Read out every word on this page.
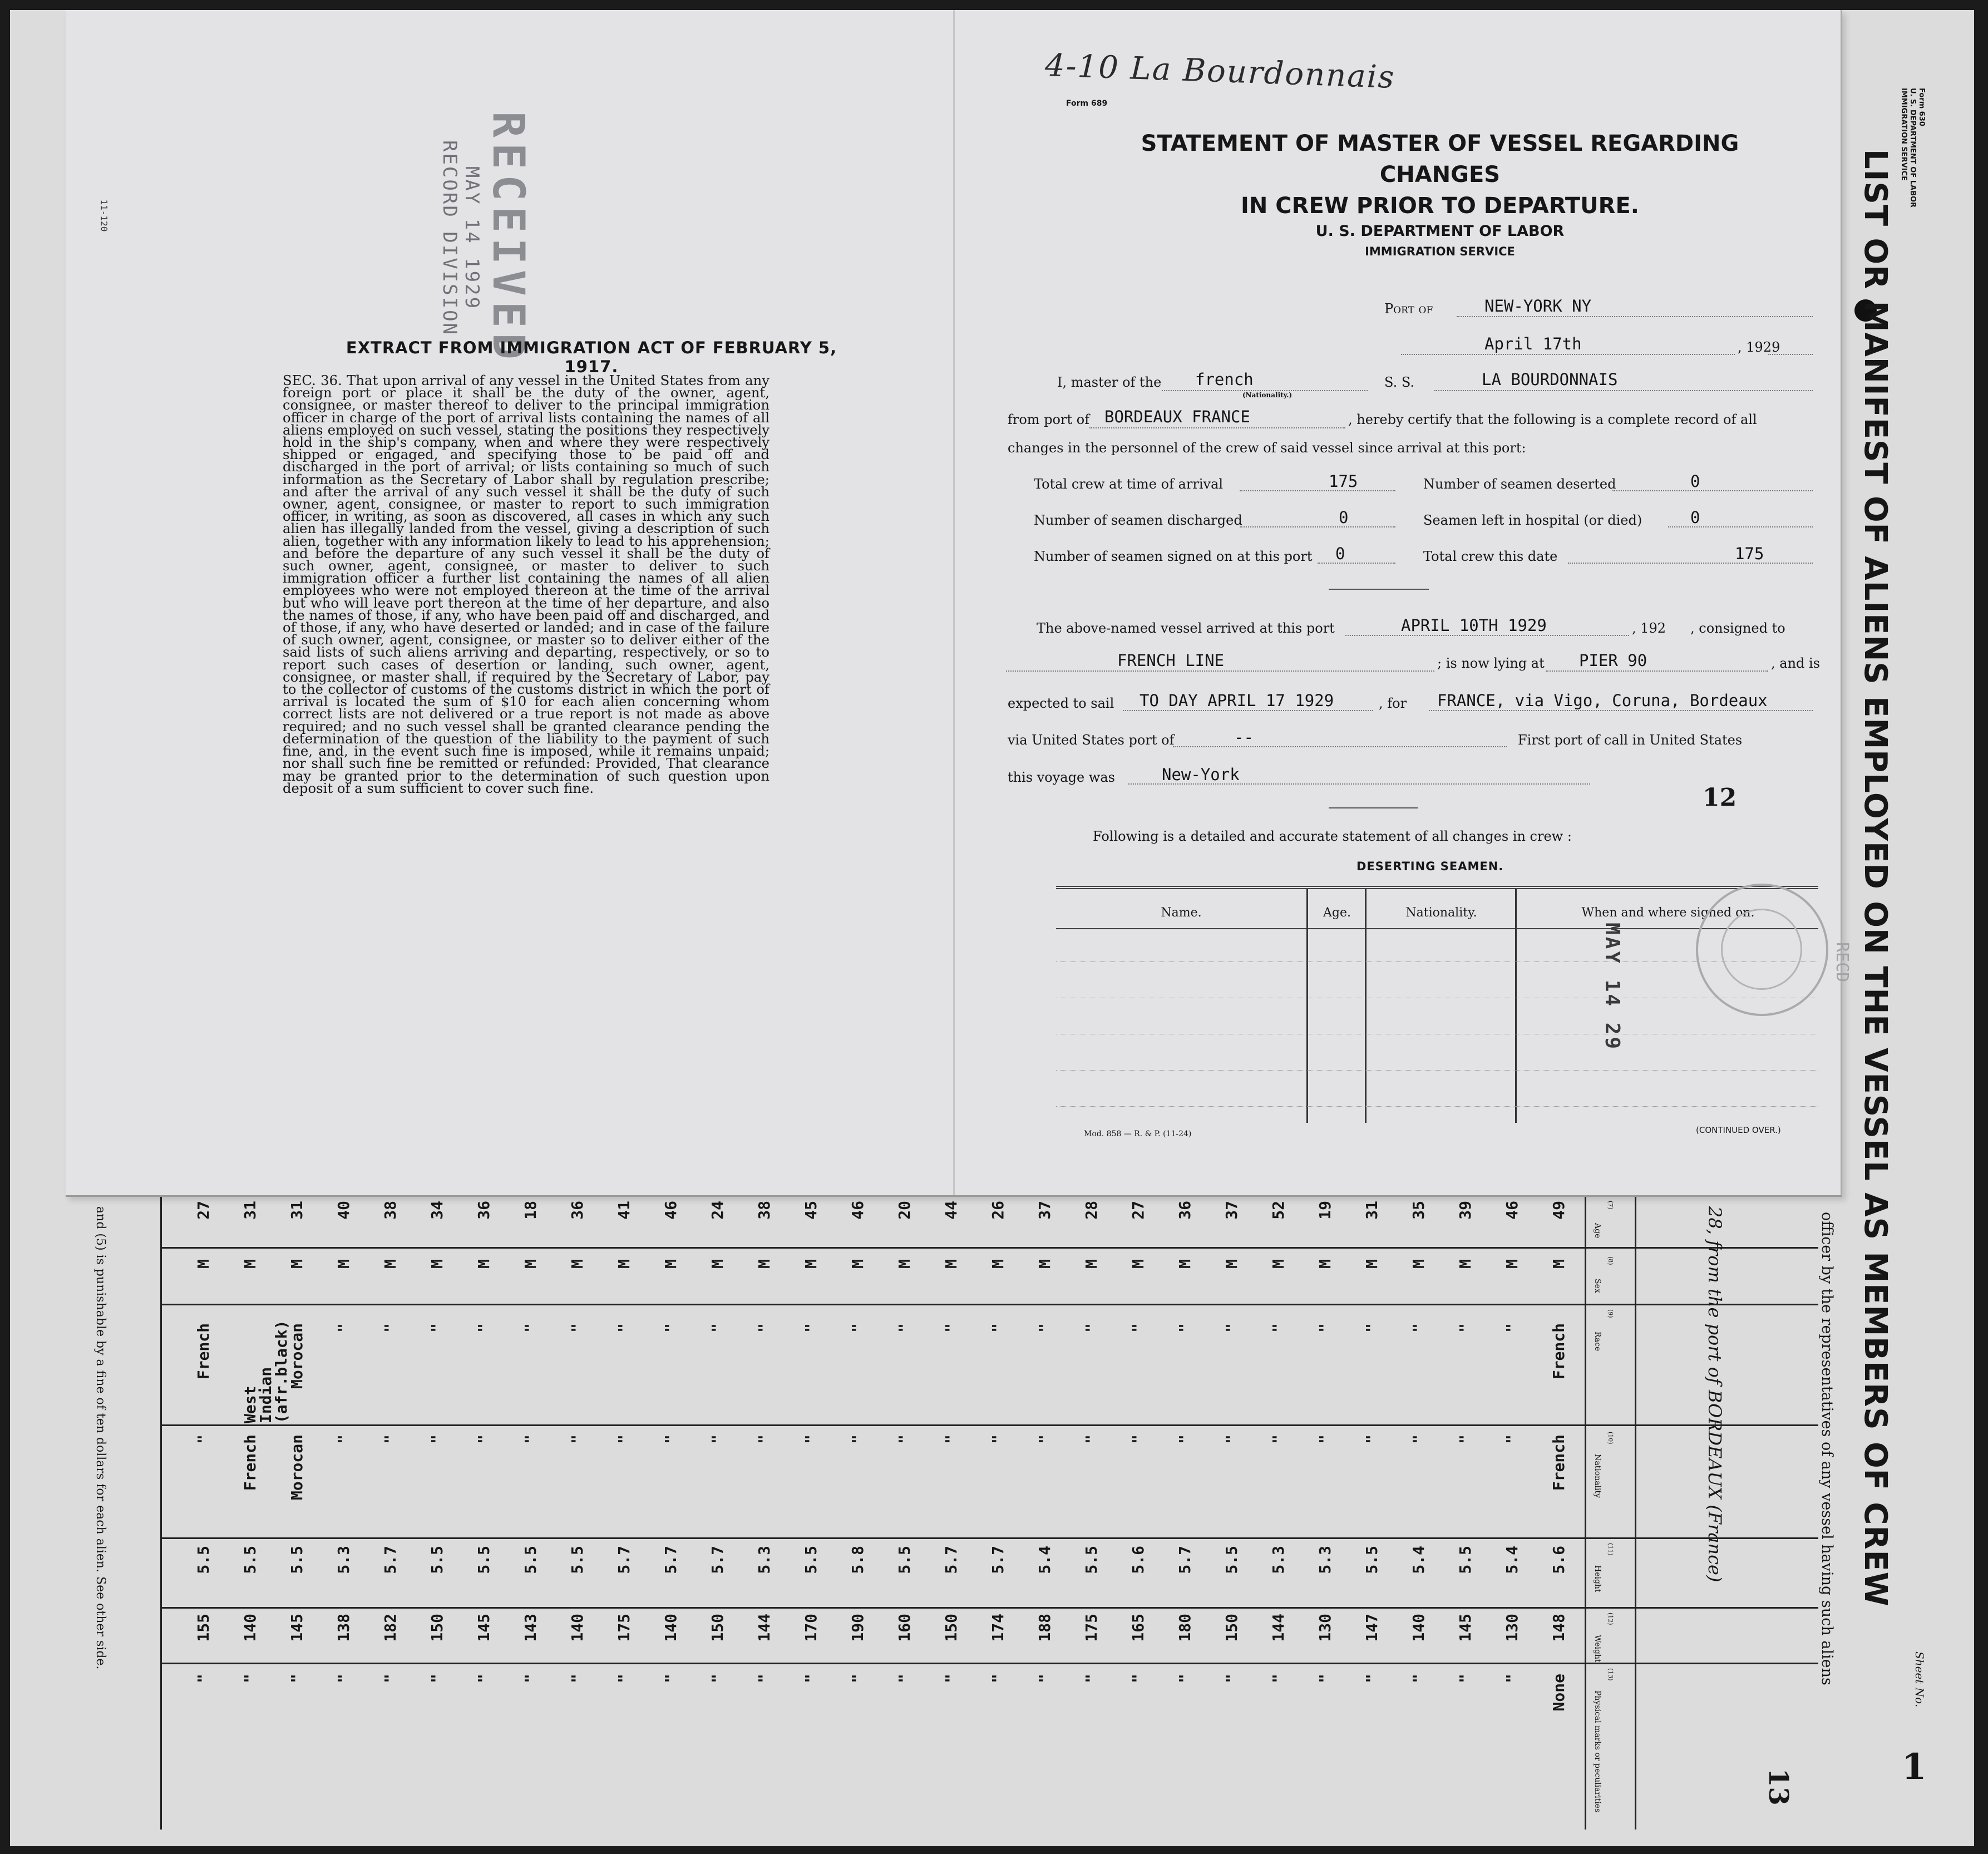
Form 630
U. S. DEPARTMENT OF LABOR
IMMIGRATION SERVICE
LIST OR MANIFEST OF ALIENS EMPLOYED ON THE VESSEL AS MEMBERS OF CREW
officer by the representatives of any vessel having such aliens
28, from the port of BORDEAUX (France)
Sheet No.
1
13
and (5) is punishable by a fine of ten dollars for each alien. See other side.
(7)
Age
(8)
Sex
(9)
Race
(10)
Nationality
(11)
Height
(12)
Weight
(13)
Physical marks or peculiarities
49
M
French
French
5.6
148
None
46
M
"
"
5.4
130
"
39
M
"
"
5.5
145
"
35
M
"
"
5.4
140
"
31
M
"
"
5.5
147
"
19
M
"
"
5.3
130
"
52
M
"
"
5.3
144
"
37
M
"
"
5.5
150
"
36
M
"
"
5.7
180
"
27
M
"
"
5.6
165
"
28
M
"
"
5.5
175
"
37
M
"
"
5.4
188
"
26
M
"
"
5.7
174
"
44
M
"
"
5.7
150
"
20
M
"
"
5.5
160
"
46
M
"
"
5.8
190
"
45
M
"
"
5.5
170
"
38
M
"
"
5.3
144
"
24
M
"
"
5.7
150
"
46
M
"
"
5.7
140
"
41
M
"
"
5.7
175
"
36
M
"
"
5.5
140
"
18
M
"
"
5.5
143
"
36
M
"
"
5.5
145
"
34
M
"
"
5.5
150
"
38
M
"
"
5.7
182
"
40
M
"
"
5.3
138
"
31
M
Morocan
Morocan
5.5
145
"
31
M
West Indian (afr.black)
French
5.5
140
"
27
M
French
"
5.5
155
"
11-120	RECEIVED
MAY 14 1929
RECORD DIVISION
EXTRACT FROM IMMIGRATION ACT OF FEBRUARY 5, 1917.
SEC. 36. That upon arrival of any vessel in the United States from any foreign port or place it shall be the duty of the owner, agent, consignee, or master thereof to deliver to the principal immigration officer in charge of the port of arrival lists containing the names of all aliens employed on such vessel, stating the positions they respectively hold in the ship's company, when and where they were respectively shipped or engaged, and specifying those to be paid off and discharged in the port of arrival; or lists containing so much of such information as the Secretary of Labor shall by regulation prescribe; and after the arrival of any such vessel it shall be the duty of such owner, agent, consignee, or master to report to such immigration officer, in writing, as soon as discovered, all cases in which any such alien has illegally landed from the vessel, giving a description of such alien, together with any information likely to lead to his apprehension; and before the departure of any such vessel it shall be the duty of such owner, agent, consignee, or master to deliver to such immigration officer a further list containing the names of all alien employees who were not employed thereon at the time of the arrival but who will leave port thereon at the time of her departure, and also the names of those, if any, who have been paid off and discharged, and of those, if any, who have deserted or landed; and in case of the failure of such owner, agent, consignee, or master so to deliver either of the said lists of such aliens arriving and departing, respectively, or so to report such cases of desertion or landing, such owner, agent, consignee, or master shall, if required by the Secretary of Labor, pay to the collector of customs of the customs district in which the port of arrival is located the sum of $10 for each alien concerning whom correct lists are not delivered or a true report is not made as above required; and no such vessel shall be granted clearance pending the determination of the question of the liability to the payment of such fine, and, in the event such fine is imposed, while it remains unpaid; nor shall such fine be remitted or refunded: Provided, That clearance may be granted prior to the determination of such question upon deposit of a sum sufficient to cover such fine.
4-10 La Bourdonnais
Form 689
STATEMENT OF MASTER OF VESSEL REGARDING CHANGES
IN CREW PRIOR TO DEPARTURE.
U. S. DEPARTMENT OF LABOR
IMMIGRATION SERVICE
Port of	NEW-YORK NY
April 17th	, 1929
I, master of the french
(Nationality.)
S. S.	LA BOURDONNAIS
from port of BORDEAUX FRANCE	, hereby certify that the following is a complete record of all
changes in the personnel of the crew of said vessel since arrival at this port:
Total crew at time of arrival	175	Number of seamen deserted	0
Number of seamen discharged	0	Seamen left in hospital (or died)	0
Number of seamen signed on at this port 0	Total crew this date	175
The above-named vessel arrived at this port	APRIL 10TH 1929	, 192 , consigned to
FRENCH LINE	; is now lying at PIER 90	, and is
expected to sail TO DAY APRIL 17 1929	, for FRANCE, via Vigo, Coruna, Bordeaux
via United States port of	--	First port of call in United States
this voyage was	New-York
12
Following is a detailed and accurate statement of all changes in crew :
DESERTING SEAMEN.
Name.	Age.	Nationality.	When and where signed on.
MAY 14 29	RECD
Mod. 858 — R. & P. (11-24)	(CONTINUED OVER.)
